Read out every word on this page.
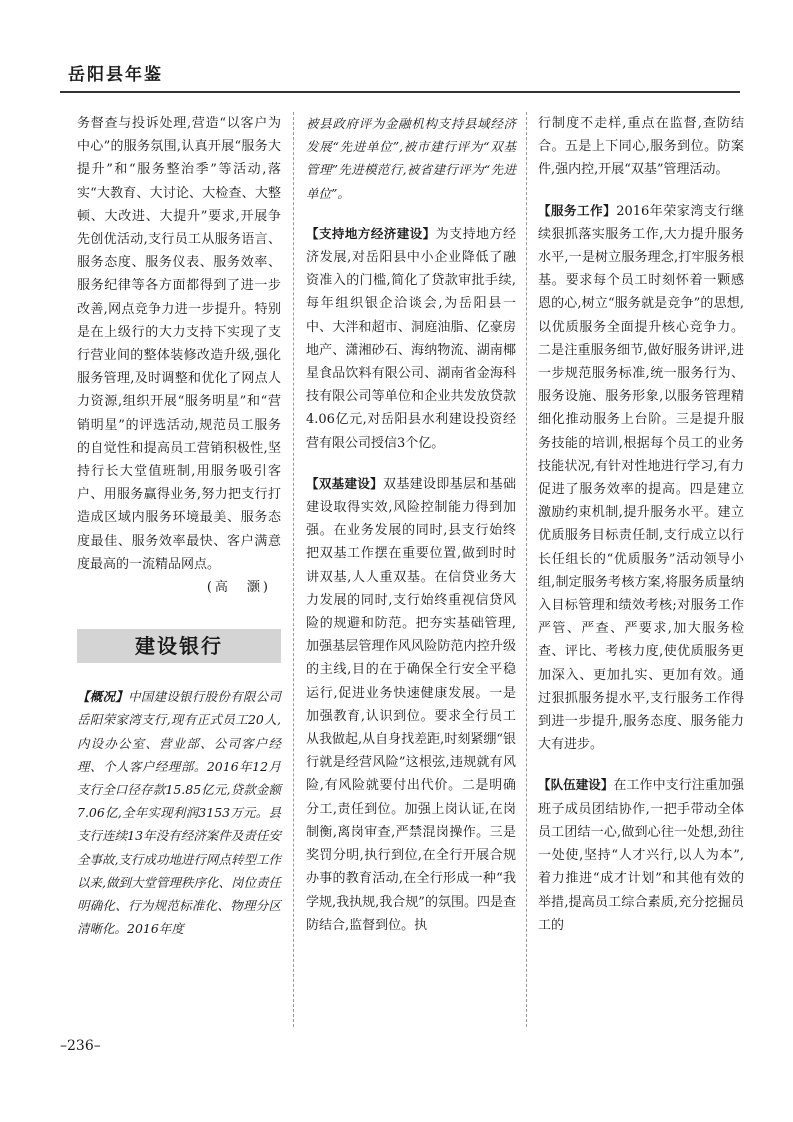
岳阳县年鉴

务督查与投诉处理,营造“以客户为中心”的服务氛围,认真开展“服务大提升”和“服务整治季”等活动,落实“大教育、大讨论、大检查、大整顿、大改进、大提升”要求,开展争先创优活动,支行员工从服务语言、服务态度、服务仪表、服务效率、服务纪律等各方面都得到了进一步改善,网点竞争力进一步提升。特别是在上级行的大力支持下实现了支行营业间的整体装修改造升级,强化服务管理,及时调整和优化了网点人力资源,组织开展“服务明星”和“营销明星”的评选活动,规范员工服务的自觉性和提高员工营销积极性,坚持行长大堂值班制,用服务吸引客户、用服务赢得业务,努力把支行打造成区域内服务环境最美、服务态度最佳、服务效率最快、客户满意度最高的一流精品网点。

(高　灏)

建设银行

【概况】中国建设银行股份有限公司岳阳荣家湾支行,现有正式员工20人,内设办公室、营业部、公司客户经理、个人客户经理部。2016年12月支行全口径存款15.85亿元,贷款金额7.06亿,全年实现利润3153万元。县支行连续13年没有经济案件及责任安全事故,支行成功地进行网点转型工作以来,做到大堂管理秩序化、岗位责任明确化、行为规范标准化、物理分区清晰化。2016年度

被县政府评为金融机构支持县域经济发展“先进单位”,被市建行评为“双基管理”先进模范行,被省建行评为“先进单位”。

【支持地方经济建设】为支持地方经济发展,对岳阳县中小企业降低了融资准入的门槛,简化了贷款审批手续,每年组织银企洽谈会,为岳阳县一中、大泮和超市、洞庭油脂、亿豪房地产、潇湘砂石、海纳物流、湖南椰星食品饮料有限公司、湖南省金海科技有限公司等单位和企业共发放贷款4.06亿元,对岳阳县水利建设投资经营有限公司授信3个亿。

【双基建设】双基建设即基层和基础建设取得实效,风险控制能力得到加强。在业务发展的同时,县支行始终把双基工作摆在重要位置,做到时时讲双基,人人重双基。在信贷业务大力发展的同时,支行始终重视信贷风险的规避和防范。把夯实基础管理,加强基层管理作风风险防范内控升级的主线,目的在于确保全行安全平稳运行,促进业务快速健康发展。一是加强教育,认识到位。要求全行员工从我做起,从自身找差距,时刻紧绷“银行就是经营风险”这根弦,违规就有风险,有风险就要付出代价。二是明确分工,责任到位。加强上岗认证,在岗制衡,离岗审查,严禁混岗操作。三是奖罚分明,执行到位,在全行开展合规办事的教育活动,在全行形成一种“我学规,我执规,我合规”的氛围。四是查防结合,监督到位。执

行制度不走样,重点在监督,查防结合。五是上下同心,服务到位。防案件,强内控,开展“双基”管理活动。

【服务工作】2016年荣家湾支行继续狠抓落实服务工作,大力提升服务水平,一是树立服务理念,打牢服务根基。要求每个员工时刻怀着一颗感恩的心,树立“服务就是竞争”的思想,以优质服务全面提升核心竞争力。二是注重服务细节,做好服务讲评,进一步规范服务标准,统一服务行为、服务设施、服务形象,以服务管理精细化推动服务上台阶。三是提升服务技能的培训,根据每个员工的业务技能状况,有针对性地进行学习,有力促进了服务效率的提高。四是建立激励约束机制,提升服务水平。建立优质服务目标责任制,支行成立以行长任组长的“优质服务”活动领导小组,制定服务考核方案,将服务质量纳入目标管理和绩效考核;对服务工作严管、严查、严要求,加大服务检查、评比、考核力度,使优质服务更加深入、更加扎实、更加有效。通过狠抓服务提水平,支行服务工作得到进一步提升,服务态度、服务能力大有进步。

【队伍建设】在工作中支行注重加强班子成员团结协作,一把手带动全体员工团结一心,做到心往一处想,劲往一处使,坚持“人才兴行,以人为本”,着力推进“成才计划”和其他有效的举措,提高员工综合素质,充分挖掘员工的

–236–
